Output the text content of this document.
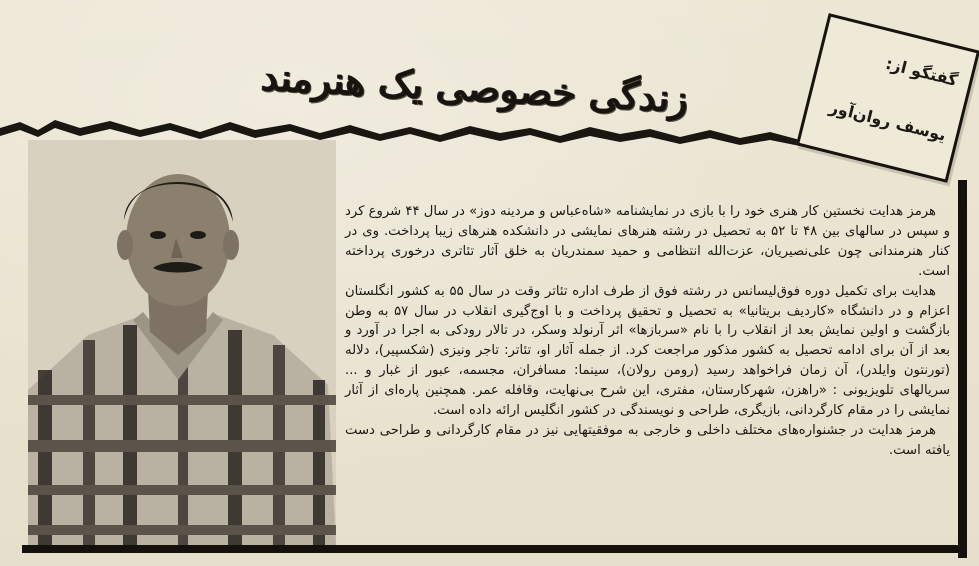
زندگی خصوصی یک هنرمند	گفتگو از:
یوسف روان‌آور

هرمز هدایت نخستین کار هنری خود را با بازی در نمایشنامه «شاه‌عباس و مردینه دوز» در سال ۴۴ شروع کرد و سپس در سالهای بین ۴۸ تا ۵۲ به تحصیل در رشته هنرهای نمایشی در دانشکده هنرهای زیبا پرداخت. وی در کنار هنرمندانی چون علی‌نصیریان، عزت‌الله انتظامی و حمید سمندریان به خلق آثار تئاتری درخوری پرداخته است.

هدایت برای تکمیل دوره فوق‌لیسانس در رشته فوق از طرف اداره تئاتر وقت در سال ۵۵ به کشور انگلستان اعزام و در دانشگاه «کاردیف بریتانیا» به تحصیل و تحقیق پرداخت و با اوج‌گیری انقلاب در سال ۵۷ به وطن بازگشت و اولین نمایش بعد از انقلاب را با نام «سربازها» اثر آرنولد وسکر، در تالار رودکی به اجرا در آورد و بعد از آن برای ادامه تحصیل به کشور مذکور مراجعت کرد. از جمله آثار او، تئاتر: تاجر ونیزی (شکسپیر)، دلاله (تورنتون وایلدر)، آن زمان فراخواهد رسید (رومن رولان)، سینما: مسافران، مجسمه، عبور از غبار و ... سریالهای تلویزیونی : «راهزن، شهرکارستان، مفتری، این شرح بی‌نهایت، وقافله عمر. همچنین پاره‌ای از آثار نمایشی را در مقام کارگردانی، بازیگری، طراحی و نویسندگی در کشور انگلیس ارائه داده است.

هرمز هدایت در جشنواره‌های مختلف داخلی و خارجی به موفقیتهایی نیز در مقام کارگردانی و طراحی دست یافته است.
